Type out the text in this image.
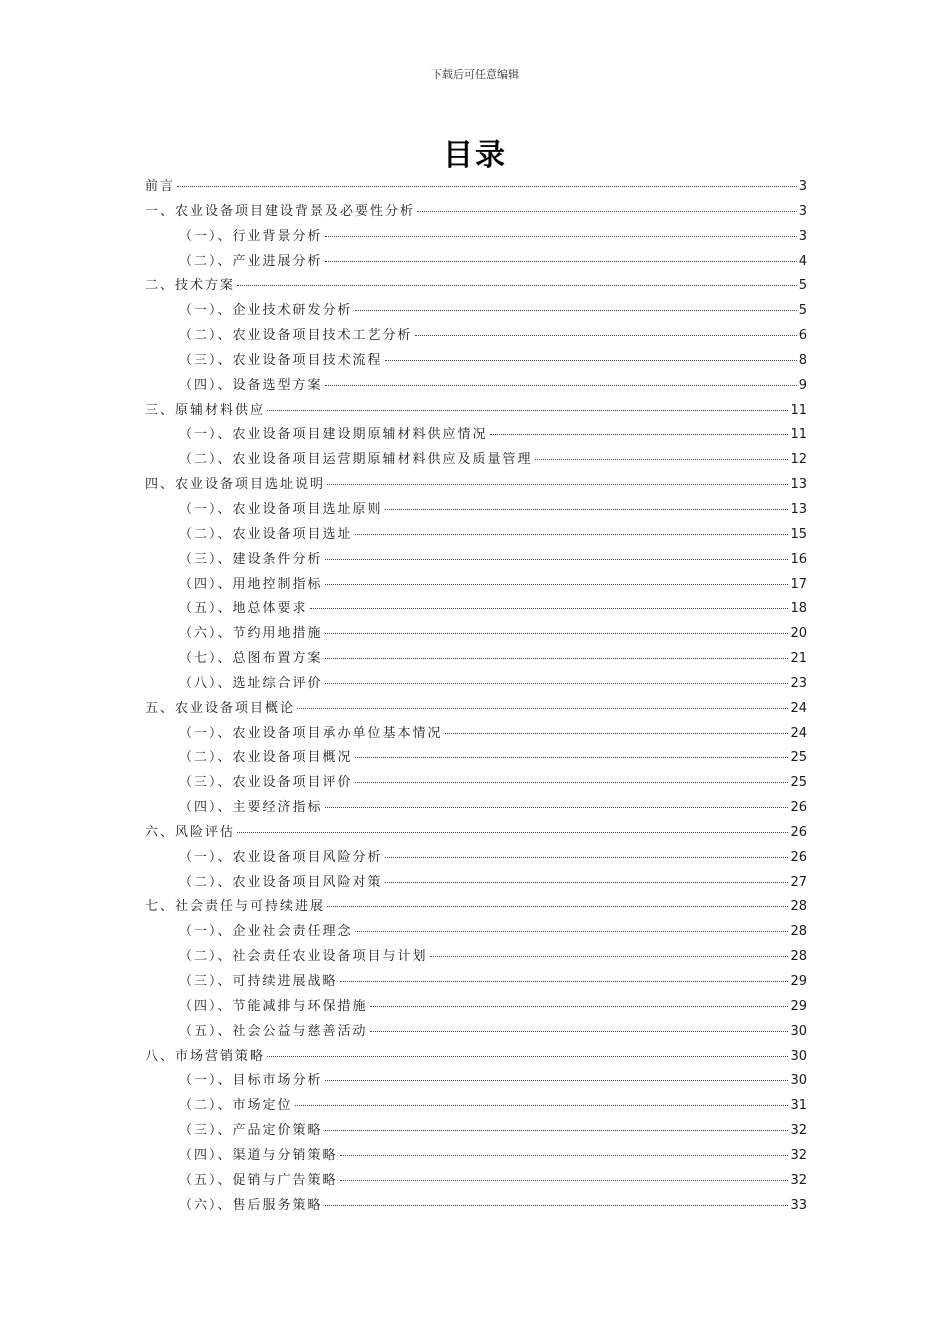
下载后可任意编辑
目录
前言	3
一、农业设备项目建设背景及必要性分析	3
（一）、行业背景分析	3
（二）、产业进展分析	4
二、技术方案	5
（一）、企业技术研发分析	5
（二）、农业设备项目技术工艺分析	6
（三）、农业设备项目技术流程	8
（四）、设备选型方案	9
三、原辅材料供应	11
（一）、农业设备项目建设期原辅材料供应情况	11
（二）、农业设备项目运营期原辅材料供应及质量管理	12
四、农业设备项目选址说明	13
（一）、农业设备项目选址原则	13
（二）、农业设备项目选址	15
（三）、建设条件分析	16
（四）、用地控制指标	17
（五）、地总体要求	18
（六）、节约用地措施	20
（七）、总图布置方案	21
（八）、选址综合评价	23
五、农业设备项目概论	24
（一）、农业设备项目承办单位基本情况	24
（二）、农业设备项目概况	25
（三）、农业设备项目评价	25
（四）、主要经济指标	26
六、风险评估	26
（一）、农业设备项目风险分析	26
（二）、农业设备项目风险对策	27
七、社会责任与可持续进展	28
（一）、企业社会责任理念	28
（二）、社会责任农业设备项目与计划	28
（三）、可持续进展战略	29
（四）、节能减排与环保措施	29
（五）、社会公益与慈善活动	30
八、市场营销策略	30
（一）、目标市场分析	30
（二）、市场定位	31
（三）、产品定价策略	32
（四）、渠道与分销策略	32
（五）、促销与广告策略	32
（六）、售后服务策略	33
